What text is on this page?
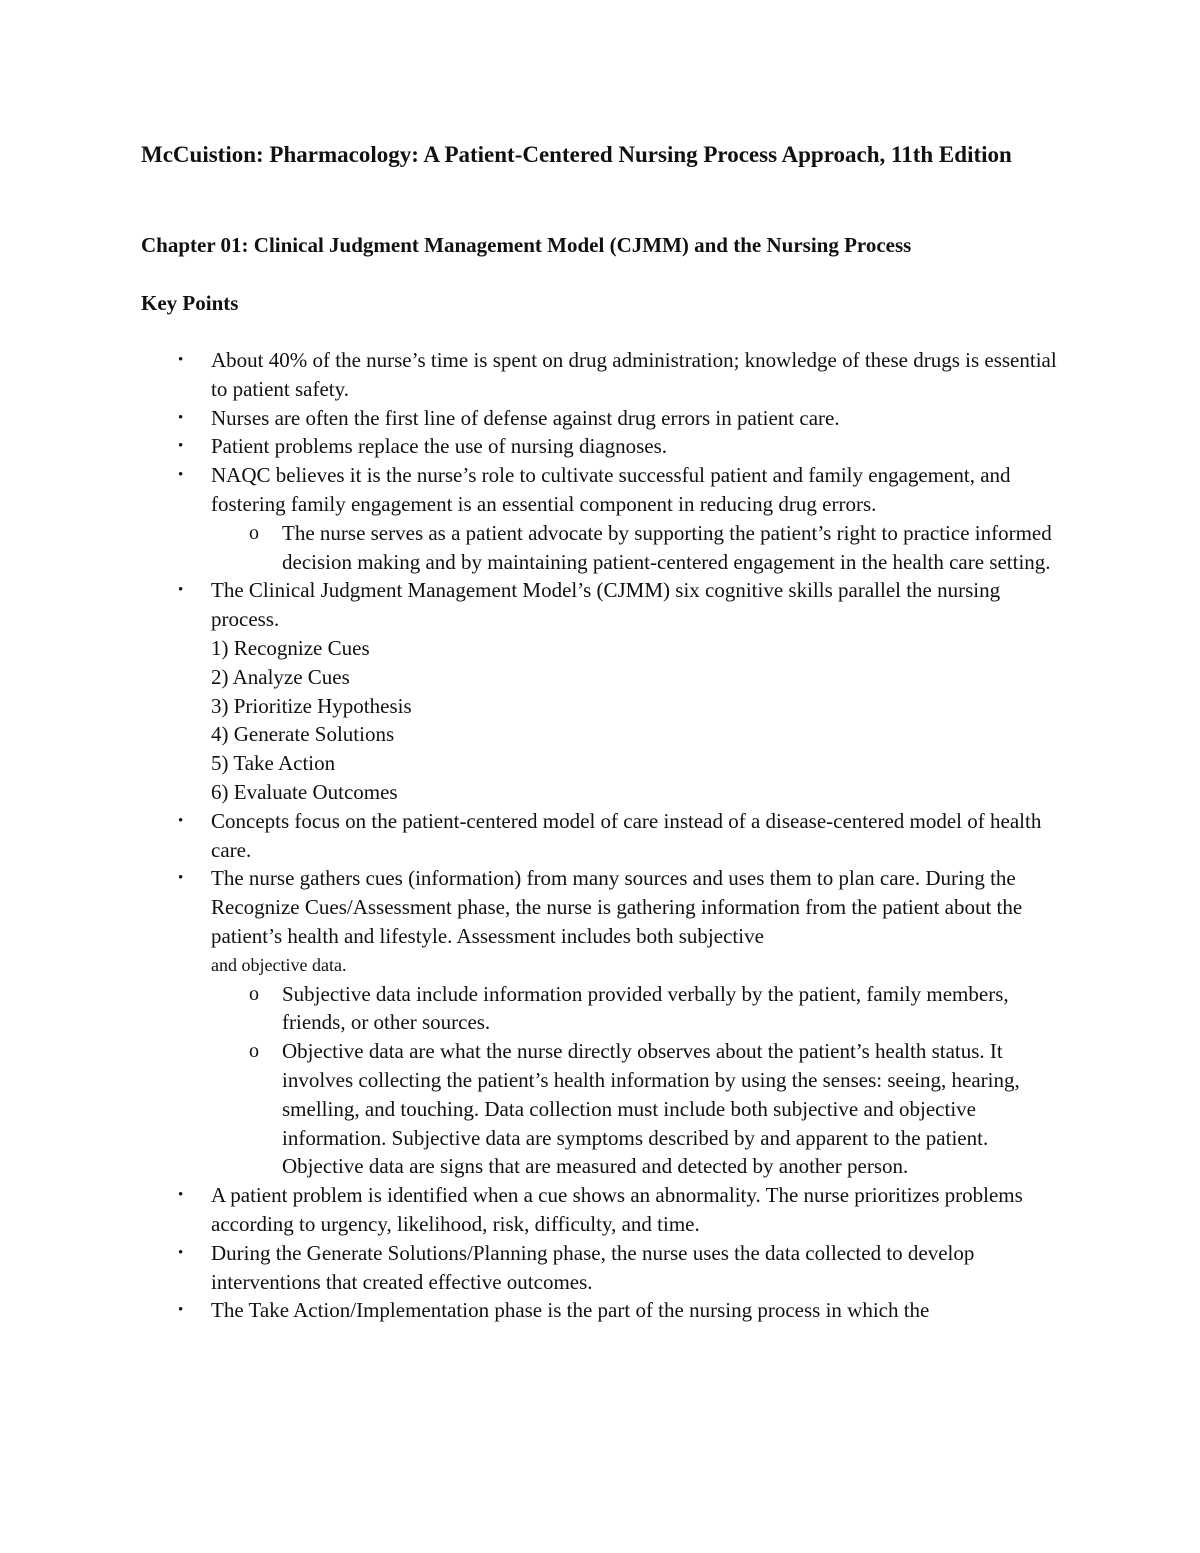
McCuistion: Pharmacology: A Patient-Centered Nursing Process Approach, 11th Edition
Chapter 01: Clinical Judgment Management Model (CJMM) and the Nursing Process
Key Points
• About 40% of the nurse’s time is spent on drug administration; knowledge of these drugs is essential to patient safety.
• Nurses are often the first line of defense against drug errors in patient care.
• Patient problems replace the use of nursing diagnoses.
• NAQC believes it is the nurse’s role to cultivate successful patient and family engagement, and fostering family engagement is an essential component in reducing drug errors.
o The nurse serves as a patient advocate by supporting the patient’s right to practice informed decision making and by maintaining patient-centered engagement in the health care setting.
• The Clinical Judgment Management Model’s (CJMM) six cognitive skills parallel the nursing process.
1) Recognize Cues
2) Analyze Cues
3) Prioritize Hypothesis
4) Generate Solutions
5) Take Action
6) Evaluate Outcomes
• Concepts focus on the patient-centered model of care instead of a disease-centered model of health care.
• The nurse gathers cues (information) from many sources and uses them to plan care. During the Recognize Cues/Assessment phase, the nurse is gathering information from the patient about the patient’s health and lifestyle. Assessment includes both subjective
and objective data.
o Subjective data include information provided verbally by the patient, family members, friends, or other sources.
o Objective data are what the nurse directly observes about the patient’s health status. It involves collecting the patient’s health information by using the senses: seeing, hearing, smelling, and touching. Data collection must include both subjective and objective information. Subjective data are symptoms described by and apparent to the patient. Objective data are signs that are measured and detected by another person.
• A patient problem is identified when a cue shows an abnormality. The nurse prioritizes problems according to urgency, likelihood, risk, difficulty, and time.
• During the Generate Solutions/Planning phase, the nurse uses the data collected to develop interventions that created effective outcomes.
• The Take Action/Implementation phase is the part of the nursing process in which the
